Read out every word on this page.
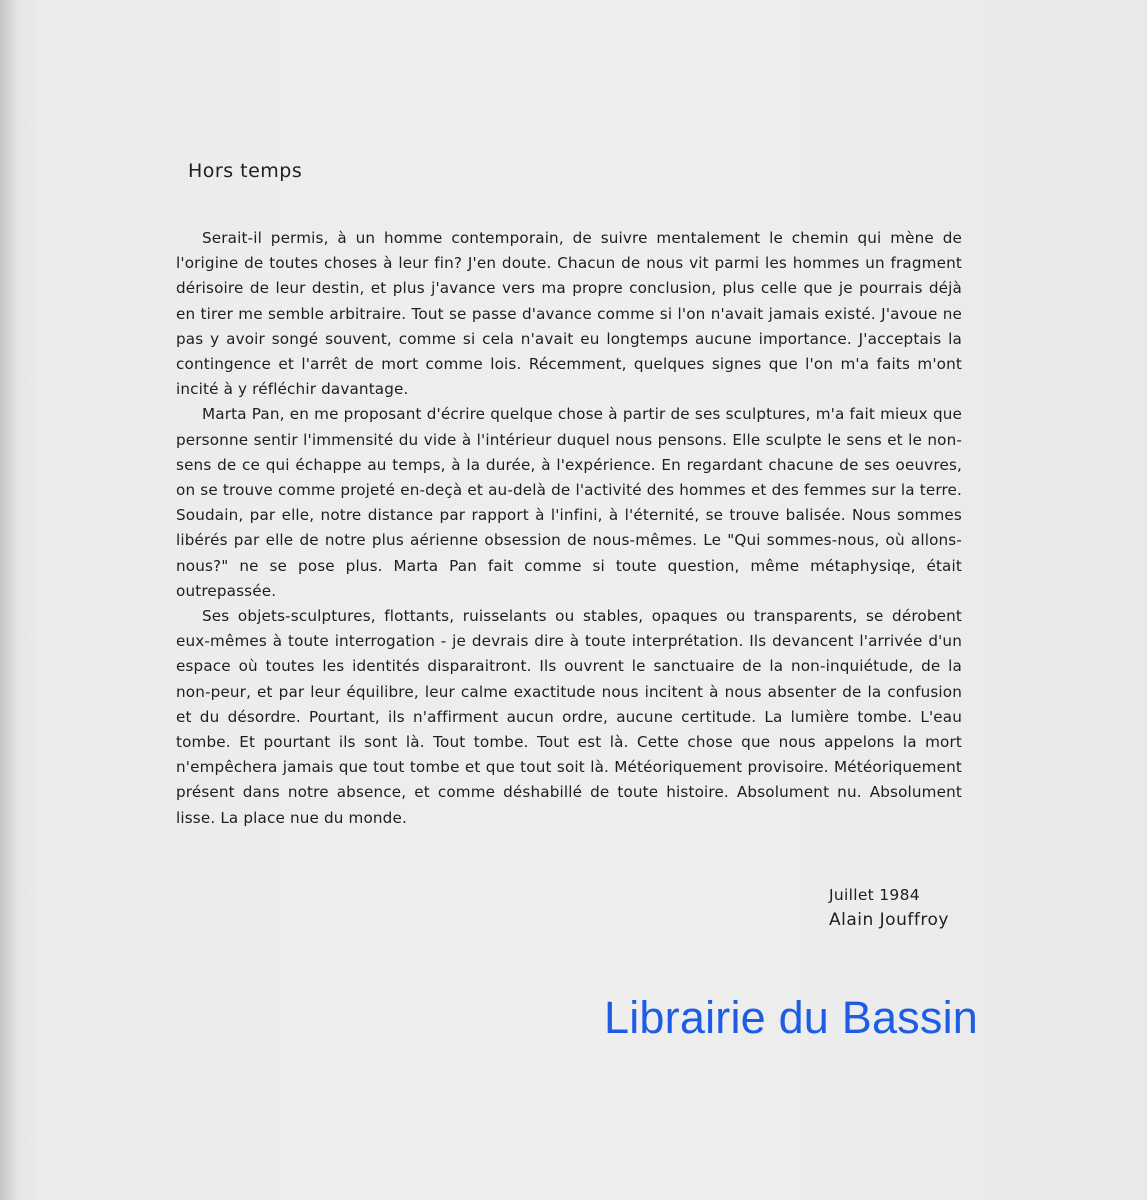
Hors temps

Serait-il permis, à un homme contemporain, de suivre mentalement le chemin qui mène de l'origine de toutes choses à leur fin? J'en doute. Chacun de nous vit parmi les hommes un fragment dérisoire de leur destin, et plus j'avance vers ma propre conclusion, plus celle que je pourrais déjà en tirer me semble arbitraire. Tout se passe d'avance comme si l'on n'avait jamais existé. J'avoue ne pas y avoir songé souvent, comme si cela n'avait eu longtemps aucune importance. J'acceptais la contingence et l'arrêt de mort comme lois. Récemment, quelques signes que l'on m'a faits m'ont incité à y réfléchir davantage.

Marta Pan, en me proposant d'écrire quelque chose à partir de ses sculptures, m'a fait mieux que personne sentir l'immensité du vide à l'intérieur duquel nous pensons. Elle sculpte le sens et le non-sens de ce qui échappe au temps, à la durée, à l'expérience. En regardant chacune de ses oeuvres, on se trouve comme projeté en-deçà et au-delà de l'activité des hommes et des femmes sur la terre. Soudain, par elle, notre distance par rapport à l'infini, à l'éternité, se trouve balisée. Nous sommes libérés par elle de notre plus aérienne obsession de nous-mêmes. Le "Qui sommes-nous, où allons-nous?" ne se pose plus. Marta Pan fait comme si toute question, même métaphysiqe, était outrepassée.

Ses objets-sculptures, flottants, ruisselants ou stables, opaques ou transparents, se dérobent eux-mêmes à toute interrogation - je devrais dire à toute interprétation. Ils devancent l'arrivée d'un espace où toutes les identités disparaitront. Ils ouvrent le sanctuaire de la non-inquiétude, de la non-peur, et par leur équilibre, leur calme exactitude nous incitent à nous absenter de la confusion et du désordre. Pourtant, ils n'affirment aucun ordre, aucune certitude. La lumière tombe. L'eau tombe. Et pourtant ils sont là. Tout tombe. Tout est là. Cette chose que nous appelons la mort n'empêchera jamais que tout tombe et que tout soit là. Météoriquement provisoire. Météoriquement présent dans notre absence, et comme déshabillé de toute histoire. Absolument nu. Absolument lisse. La place nue du monde.

Juillet 1984
Alain Jouffroy
Librairie du Bassin
